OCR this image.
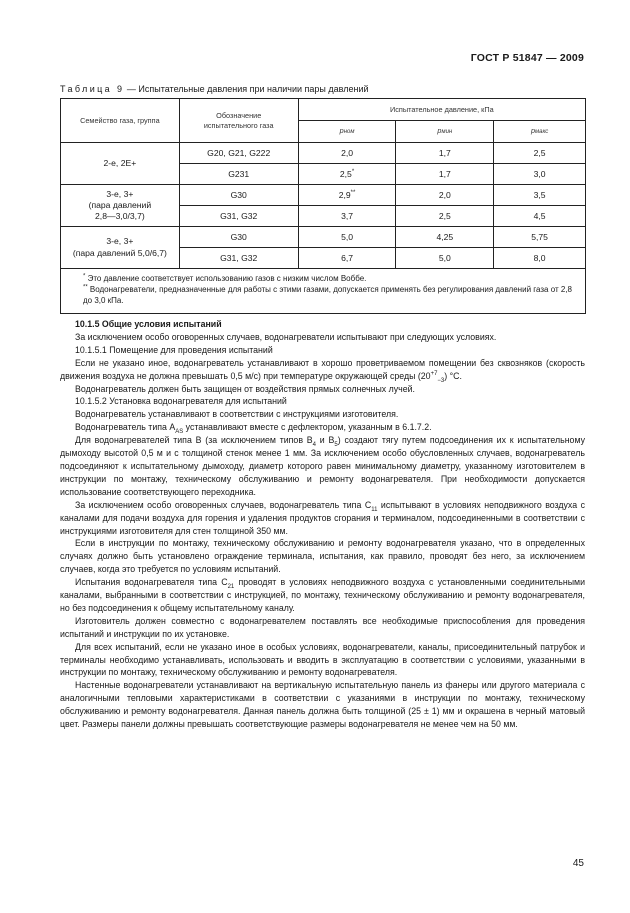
ГОСТ Р 51847 — 2009
Таблица 9 — Испытательные давления при наличии пары давлений
Семейство газа, группа	Обозначение испытательного газа	Испытательное давление, кПа		
		pном	pмин	pмакс
2-е, 2Е+	G20, G21, G222	2,0	1,7	2,5
	G231	2,5*	1,7	3,0
3-е, 3+
(пара давлений
2,8—3,0/3,7)	G30	2,9**	2,0	3,5
	G31, G32	3,7	2,5	4,5
3-е, 3+
(пара давлений 5,0/6,7)	G30	5,0	4,25	5,75
	G31, G32	6,7	5,0	8,0

* Это давление соответствует использованию газов с низким числом Воббе.
** Водонагреватели, предназначенные для работы с этими газами, допускается применять без регулирования давлений газа от 2,8 до 3,0 кПа.				

10.1.5 Общие условия испытаний

За исключением особо оговоренных случаев, водонагреватели испытывают при следующих условиях.

10.1.5.1 Помещение для проведения испытаний

Если не указано иное, водонагреватель устанавливают в хорошо проветриваемом помещении без сквозняков (скорость движения воздуха не должна превышать 0,5 м/с) при температуре окружающей среды $(20^{+7}_{-3})$ °С.

Водонагреватель должен быть защищен от воздействия прямых солнечных лучей.

10.1.5.2 Установка водонагревателя для испытаний

Водонагреватель устанавливают в соответствии с инструкциями изготовителя.

Водонагреватель типа $А_{AS}$ устанавливают вместе с дефлектором, указанным в 6.1.7.2.

Для водонагревателей типа В (за исключением типов $В_4$ и $В_5$) создают тягу путем подсоединения их к испытательному дымоходу высотой 0,5 м и с толщиной стенок менее 1 мм. За исключением особо обусловленных случаев, водонагреватель подсоединяют к испытательному дымоходу, диаметр которого равен минимальному диаметру, указанному изготовителем в инструкции по монтажу, техническому обслуживанию и ремонту водонагревателя. При необходимости допускается использование соответствующего переходника.

За исключением особо оговоренных случаев, водонагреватель типа $С_{11}$ испытывают в условиях неподвижного воздуха с каналами для подачи воздуха для горения и удаления продуктов сгорания и терминалом, подсоединенными в соответствии с инструкциями изготовителя для стен толщиной 350 мм.

Если в инструкции по монтажу, техническому обслуживанию и ремонту водонагревателя указано, что в определенных случаях должно быть установлено ограждение терминала, испытания, как правило, проводят без него, за исключением случаев, когда это требуется по условиям испытаний.

Испытания водонагревателя типа $С_{21}$ проводят в условиях неподвижного воздуха с установленными соединительными каналами, выбранными в соответствии с инструкцией, по монтажу, техническому обслуживанию и ремонту водонагревателя, но без подсоединения к общему испытательному каналу.

Изготовитель должен совместно с водонагревателем поставлять все необходимые приспособления для проведения испытаний и инструкции по их установке.

Для всех испытаний, если не указано иное в особых условиях, водонагреватели, каналы, присоединительный патрубок и терминалы необходимо устанавливать, использовать и вводить в эксплуатацию в соответствии с условиями, указанными в инструкции по монтажу, техническому обслуживанию и ремонту водонагревателя.

Настенные водонагреватели устанавливают на вертикальную испытательную панель из фанеры или другого материала с аналогичными тепловыми характеристиками в соответствии с указаниями в инструкции по монтажу, техническому обслуживанию и ремонту водонагревателя. Данная панель должна быть толщиной (25 ± 1) мм и окрашена в черный матовый цвет. Размеры панели должны превышать соответствующие размеры водонагревателя не менее чем на 50 мм.

45
